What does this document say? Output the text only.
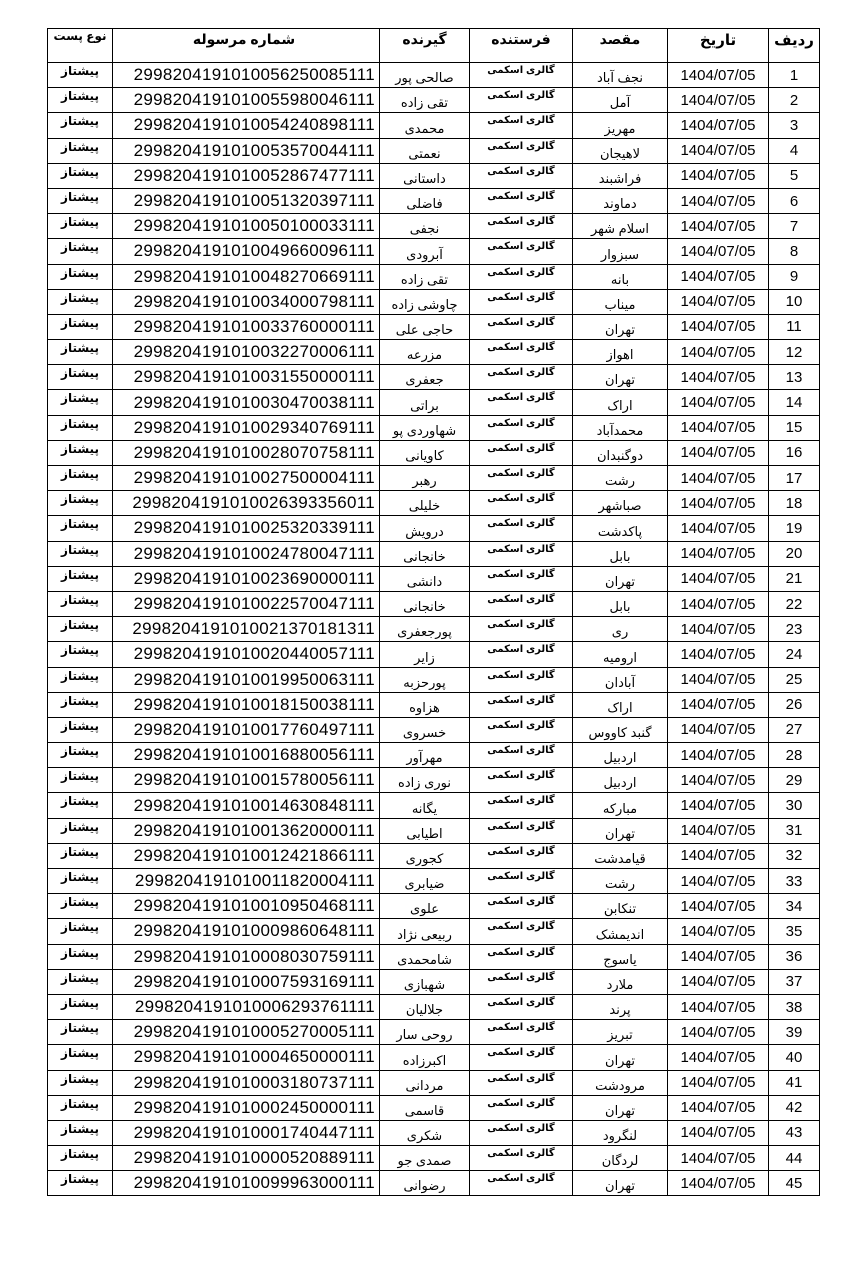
ردیف	تاریخ	مقصد	فرستنده	گیرنده	شماره مرسوله	نوع پست
1	1404/07/05	نجف آباد	گالری اسکمی	صالحی پور	2998204191010056250085111	پیشتاز
2	1404/07/05	آمل	گالری اسکمی	تقی زاده	2998204191010055980046111	پیشتاز
3	1404/07/05	مهریز	گالری اسکمی	محمدی	2998204191010054240898111	پیشتاز
4	1404/07/05	لاهیجان	گالری اسکمی	نعمتی	2998204191010053570044111	پیشتاز
5	1404/07/05	فراشبند	گالری اسکمی	داستانی	2998204191010052867477111	پیشتاز
6	1404/07/05	دماوند	گالری اسکمی	فاضلی	2998204191010051320397111	پیشتاز
7	1404/07/05	اسلام شهر	گالری اسکمی	نجفی	2998204191010050100033111	پیشتاز
8	1404/07/05	سبزوار	گالری اسکمی	آبرودی	2998204191010049660096111	پیشتاز
9	1404/07/05	بانه	گالری اسکمی	تقی زاده	2998204191010048270669111	پیشتاز
10	1404/07/05	میناب	گالری اسکمی	چاوشی زاده	2998204191010034000798111	پیشتاز
11	1404/07/05	تهران	گالری اسکمی	حاجی علی	2998204191010033760000111	پیشتاز
12	1404/07/05	اهواز	گالری اسکمی	مزرعه	2998204191010032270006111	پیشتاز
13	1404/07/05	تهران	گالری اسکمی	جعفری	2998204191010031550000111	پیشتاز
14	1404/07/05	اراک	گالری اسکمی	براتی	2998204191010030470038111	پیشتاز
15	1404/07/05	محمدآباد	گالری اسکمی	شهاوردی پو	2998204191010029340769111	پیشتاز
16	1404/07/05	دوگنبدان	گالری اسکمی	کاویانی	2998204191010028070758111	پیشتاز
17	1404/07/05	رشت	گالری اسکمی	رهبر	2998204191010027500004111	پیشتاز
18	1404/07/05	صباشهر	گالری اسکمی	خلیلی	2998204191010026393356011	پیشتاز
19	1404/07/05	پاکدشت	گالری اسکمی	درویش	2998204191010025320339111	پیشتاز
20	1404/07/05	بابل	گالری اسکمی	خانجانی	2998204191010024780047111	پیشتاز
21	1404/07/05	تهران	گالری اسکمی	دانشی	2998204191010023690000111	پیشتاز
22	1404/07/05	بابل	گالری اسکمی	خانجانی	2998204191010022570047111	پیشتاز
23	1404/07/05	ری	گالری اسکمی	پورجعفری	2998204191010021370181311	پیشتاز
24	1404/07/05	ارومیه	گالری اسکمی	زایر	2998204191010020440057111	پیشتاز
25	1404/07/05	آبادان	گالری اسکمی	پورحزبه	2998204191010019950063111	پیشتاز
26	1404/07/05	اراک	گالری اسکمی	هزاوه	2998204191010018150038111	پیشتاز
27	1404/07/05	گنبد کاووس	گالری اسکمی	خسروی	2998204191010017760497111	پیشتاز
28	1404/07/05	اردبیل	گالری اسکمی	مهرآور	2998204191010016880056111	پیشتاز
29	1404/07/05	اردبیل	گالری اسکمی	نوری زاده	2998204191010015780056111	پیشتاز
30	1404/07/05	مبارکه	گالری اسکمی	یگانه	2998204191010014630848111	پیشتاز
31	1404/07/05	تهران	گالری اسکمی	اطیابی	2998204191010013620000111	پیشتاز
32	1404/07/05	قیامدشت	گالری اسکمی	کجوری	2998204191010012421866111	پیشتاز
33	1404/07/05	رشت	گالری اسکمی	ضیابری	2998204191010011820004111	پیشتاز
34	1404/07/05	تنکابن	گالری اسکمی	علوی	2998204191010010950468111	پیشتاز
35	1404/07/05	اندیمشک	گالری اسکمی	ربیعی نژاد	2998204191010009860648111	پیشتاز
36	1404/07/05	یاسوج	گالری اسکمی	شامحمدی	2998204191010008030759111	پیشتاز
37	1404/07/05	ملارد	گالری اسکمی	شهبازی	2998204191010007593169111	پیشتاز
38	1404/07/05	پرند	گالری اسکمی	جلالیان	2998204191010006293761111	پیشتاز
39	1404/07/05	تبریز	گالری اسکمی	روحی سار	2998204191010005270005111	پیشتاز
40	1404/07/05	تهران	گالری اسکمی	اکبرزاده	2998204191010004650000111	پیشتاز
41	1404/07/05	مرودشت	گالری اسکمی	مردانی	2998204191010003180737111	پیشتاز
42	1404/07/05	تهران	گالری اسکمی	قاسمی	2998204191010002450000111	پیشتاز
43	1404/07/05	لنگرود	گالری اسکمی	شکری	2998204191010001740447111	پیشتاز
44	1404/07/05	لردگان	گالری اسکمی	صمدی جو	2998204191010000520889111	پیشتاز
45	1404/07/05	تهران	گالری اسکمی	رضوانی	2998204191010099963000111	پیشتاز
